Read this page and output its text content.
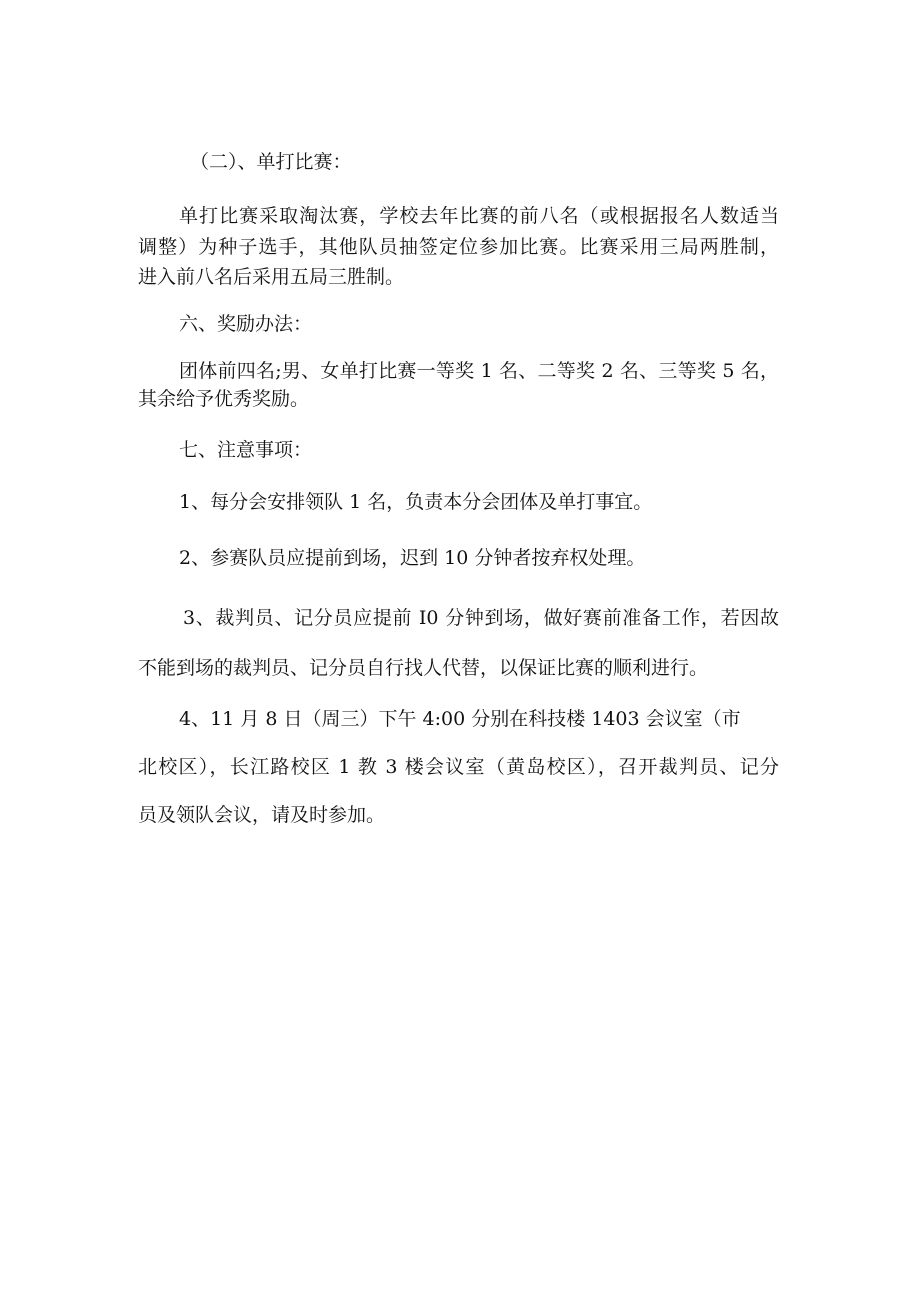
（二）、单打比赛：
单打比赛采取淘汰赛，学校去年比赛的前八名（或根据报名人数适当
调整）为种子选手，其他队员抽签定位参加比赛。比赛采用三局两胜制，
进入前八名后采用五局三胜制。
六、奖励办法：
团体前四名;男、女单打比赛一等奖 1 名、二等奖 2 名、三等奖 5 名，
其余给予优秀奖励。
七、注意事项：
1、每分会安排领队 1 名，负责本分会团体及单打事宜。
2、参赛队员应提前到场，迟到 10 分钟者按弃权处理。
3、裁判员、记分员应提前 I0 分钟到场，做好赛前准备工作，若因故
不能到场的裁判员、记分员自行找人代替，以保证比赛的顺利进行。
4、11 月 8 日（周三）下午 4:00 分别在科技楼 1403 会议室（市
北校区），长江路校区 1 教 3 楼会议室（黄岛校区），召开裁判员、记分
员及领队会议，请及时参加。
